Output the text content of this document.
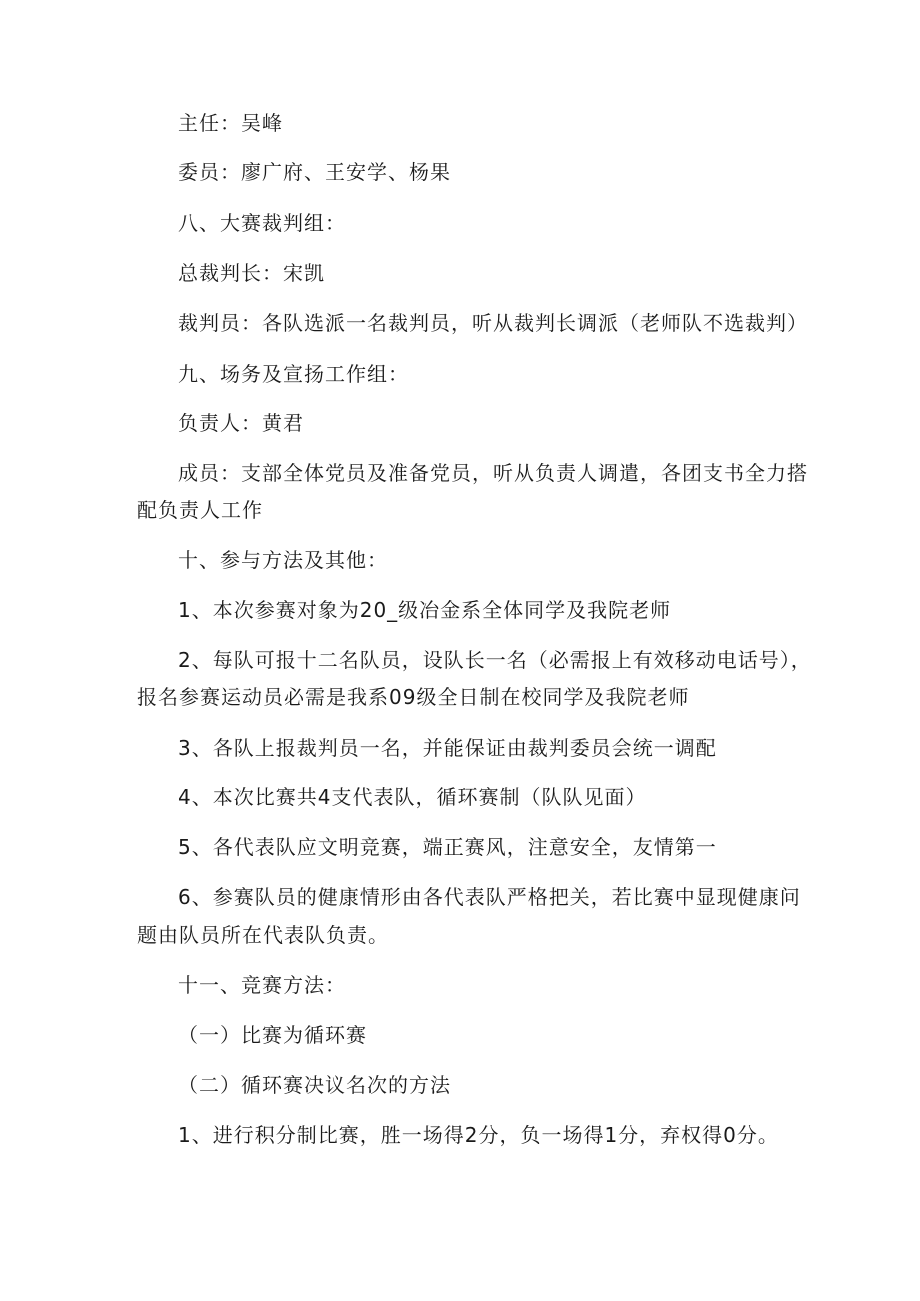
主任：吴峰
委员：廖广府、王安学、杨果
八、大赛裁判组：
总裁判长：宋凯
裁判员：各队选派一名裁判员，听从裁判长调派（老师队不选裁判）
九、场务及宣扬工作组：
负责人：黄君
成员：支部全体党员及准备党员，听从负责人调遣，各团支书全力搭
配负责人工作
十、参与方法及其他：
1、本次参赛对象为20_级冶金系全体同学及我院老师
2、每队可报十二名队员，设队长一名（必需报上有效移动电话号），
报名参赛运动员必需是我系09级全日制在校同学及我院老师
3、各队上报裁判员一名，并能保证由裁判委员会统一调配
4、本次比赛共4支代表队，循环赛制（队队见面）
5、各代表队应文明竞赛，端正赛风，注意安全，友情第一
6、参赛队员的健康情形由各代表队严格把关，若比赛中显现健康问
题由队员所在代表队负责。
十一、竞赛方法：
（一）比赛为循环赛
（二）循环赛决议名次的方法
1、进行积分制比赛，胜一场得2分，负一场得1分，弃权得0分。
